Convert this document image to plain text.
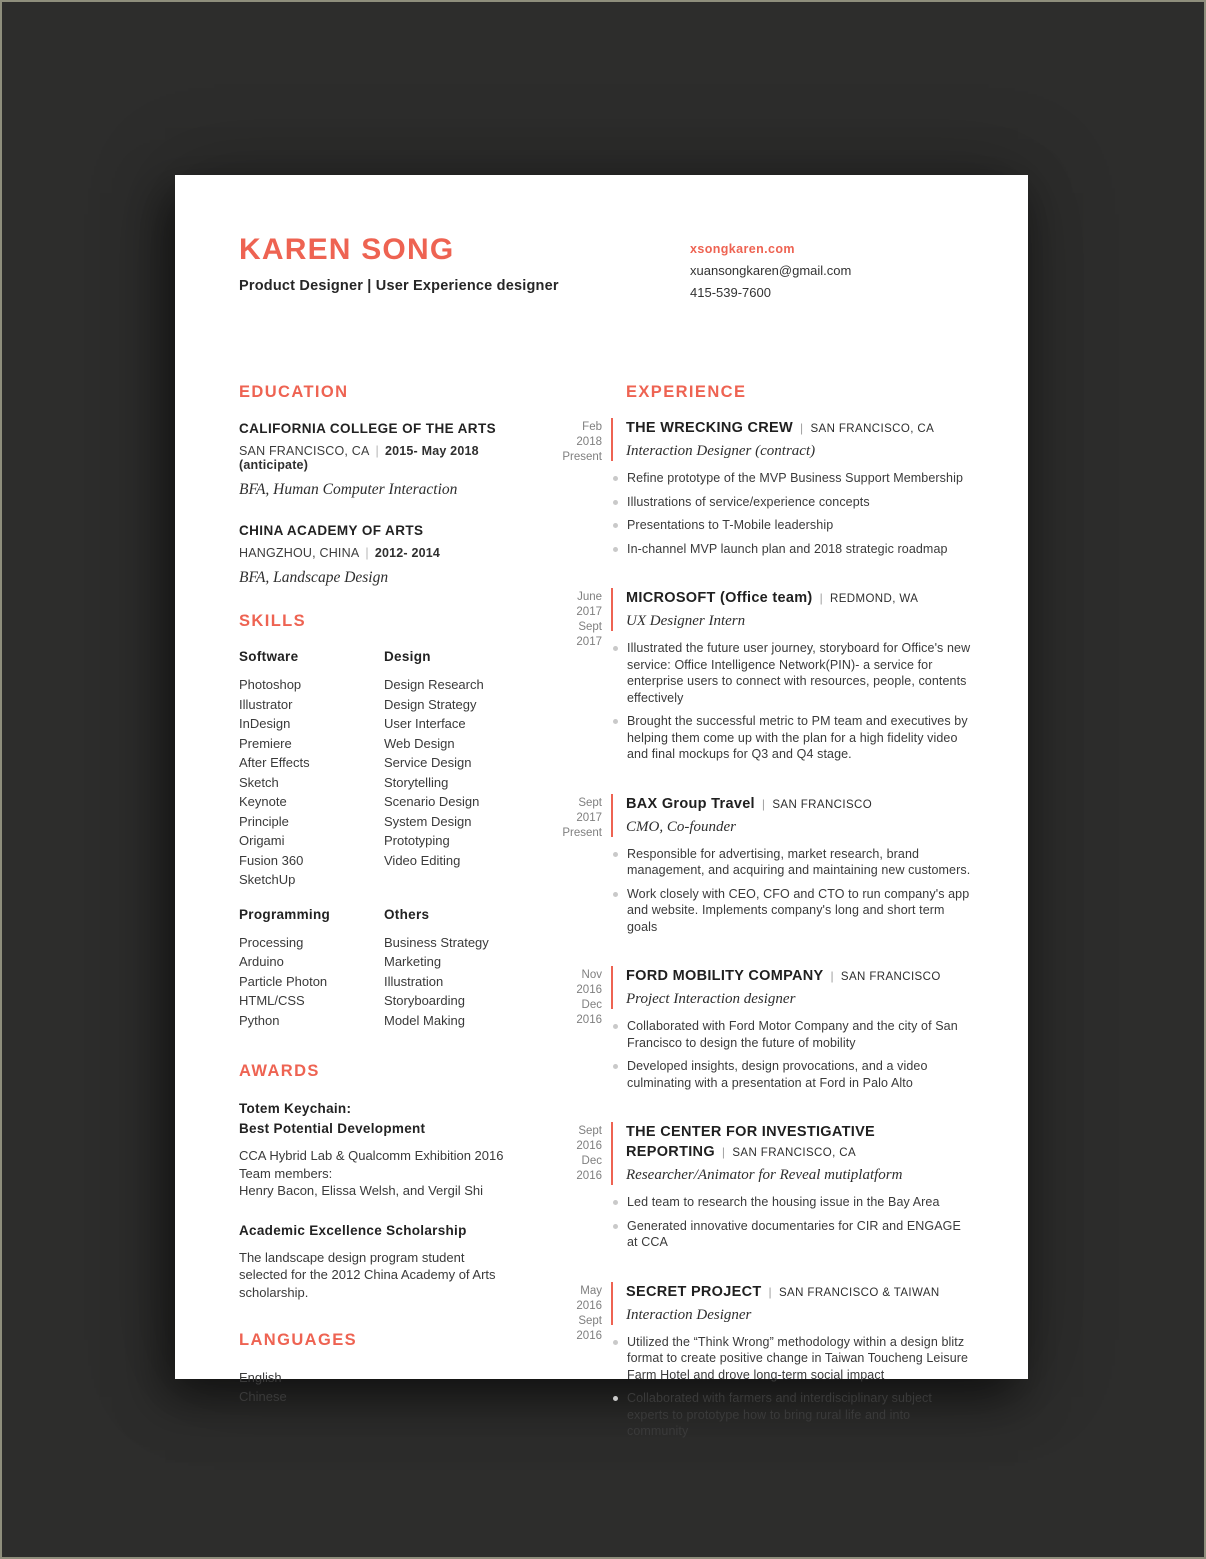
KAREN SONG
Product Designer | User Experience designer
xsongkaren.com
xuansongkaren@gmail.com
415-539-7600
EDUCATION
CALIFORNIA COLLEGE OF THE ARTS
SAN FRANCISCO, CA | 2015- May 2018 (anticipate)
BFA, Human Computer Interaction
CHINA ACADEMY OF ARTS
HANGZHOU, CHINA | 2012- 2014
BFA, Landscape Design
SKILLS
Software
Photoshop
Illustrator
InDesign
Premiere
After Effects
Sketch
Keynote
Principle
Origami
Fusion 360
SketchUp
Design
Design Research
Design Strategy
User Interface
Web Design
Service Design
Storytelling
Scenario Design
System Design
Prototyping
Video Editing
Programming
Processing
Arduino
Particle Photon
HTML/CSS
Python
Others
Business Strategy
Marketing
Illustration
Storyboarding
Model Making
AWARDS
Totem Keychain:
Best Potential Development
CCA Hybrid Lab & Qualcomm Exhibition 2016
Team members:
Henry Bacon, Elissa Welsh, and Vergil Shi
Academic Excellence Scholarship
The landscape design program student selected for the 2012 China Academy of Arts scholarship.
LANGUAGES
English
Chinese
EXPERIENCE
Feb 2018
Present
THE WRECKING CREW | SAN FRANCISCO, CA
Interaction Designer (contract)
Refine prototype of the MVP Business Support Membership
Illustrations of service/experience concepts
Presentations to T-Mobile leadership
In-channel MVP launch plan and 2018 strategic roadmap
June 2017
Sept 2017
MICROSOFT (Office team) | REDMOND, WA
UX Designer Intern
Illustrated the future user journey, storyboard for Office's new service: Office Intelligence Network(PIN)- a service for enterprise users to connect with resources, people, contents effectively
Brought the successful metric to PM team and executives by helping them come up with the plan for a high fidelity video and final mockups for Q3 and Q4 stage.
Sept 2017
Present
BAX Group Travel | SAN FRANCISCO
CMO, Co-founder
Responsible for advertising, market research, brand management, and acquiring and maintaining new customers.
Work closely with CEO, CFO and CTO to run company's app and website. Implements company's long and short term goals
Nov 2016
Dec 2016
FORD MOBILITY COMPANY | SAN FRANCISCO
Project Interaction designer
Collaborated with Ford Motor Company and the city of San Francisco to design the future of mobility
Developed insights, design provocations, and a video culminating with a presentation at Ford in Palo Alto
Sept 2016
Dec 2016
THE CENTER FOR INVESTIGATIVE REPORTING | SAN FRANCISCO, CA
Researcher/Animator for Reveal mutiplatform
Led team to research the housing issue in the Bay Area
Generated innovative documentaries for CIR and ENGAGE at CCA
May 2016
Sept 2016
SECRET PROJECT | SAN FRANCISCO & TAIWAN
Interaction Designer
Utilized the “Think Wrong” methodology within a design blitz format to create positive change in Taiwan Toucheng Leisure Farm Hotel and drove long-term social impact
Collaborated with farmers and interdisciplinary subject experts to prototype how to bring rural life and into community
